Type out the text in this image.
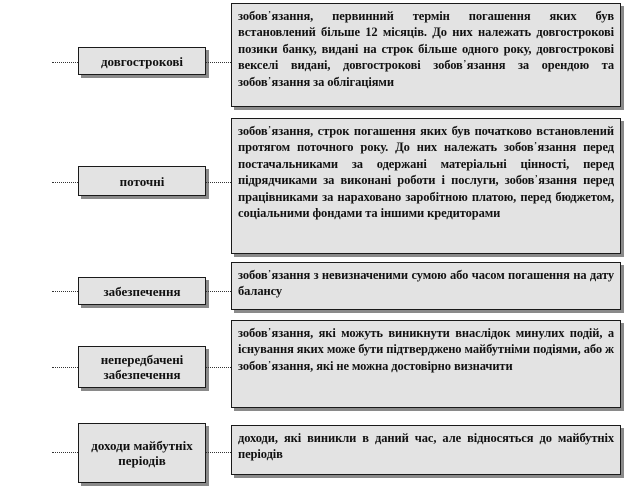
довгострокові
зобов᾽язання, первинний термін погашення яких був встановлений більше 12 місяців. До них належать довгострокові позики банку, видані на строк більше одного року, довгострокові векселі видані, довгострокові зобов᾽язання за орендою та зобов᾽язання за облігаціями
поточні
зобов᾽язання, строк погашення яких був початково встановлений протягом поточного року. До них належать зобов᾽язання перед постачальниками за одержані матеріальні цінності, перед підрядчиками за виконані роботи і послуги, зобов᾽язання перед працівниками за нараховано заробітною платою, перед бюджетом, соціальними фондами та іншими кредиторами
забезпечення
зобов᾽язання з невизначеними сумою або часом погашення на дату балансу
непередбачені забезпечення
зобов᾽язання, які можуть виникнути внаслідок минулих подій, а існування яких може бути підтверджено майбутніми подіями, або ж зобов᾽язання, які не можна достовірно визначити
доходи майбутніх періодів
доходи, які виникли в даний час, але відносяться до майбутніх періодів
